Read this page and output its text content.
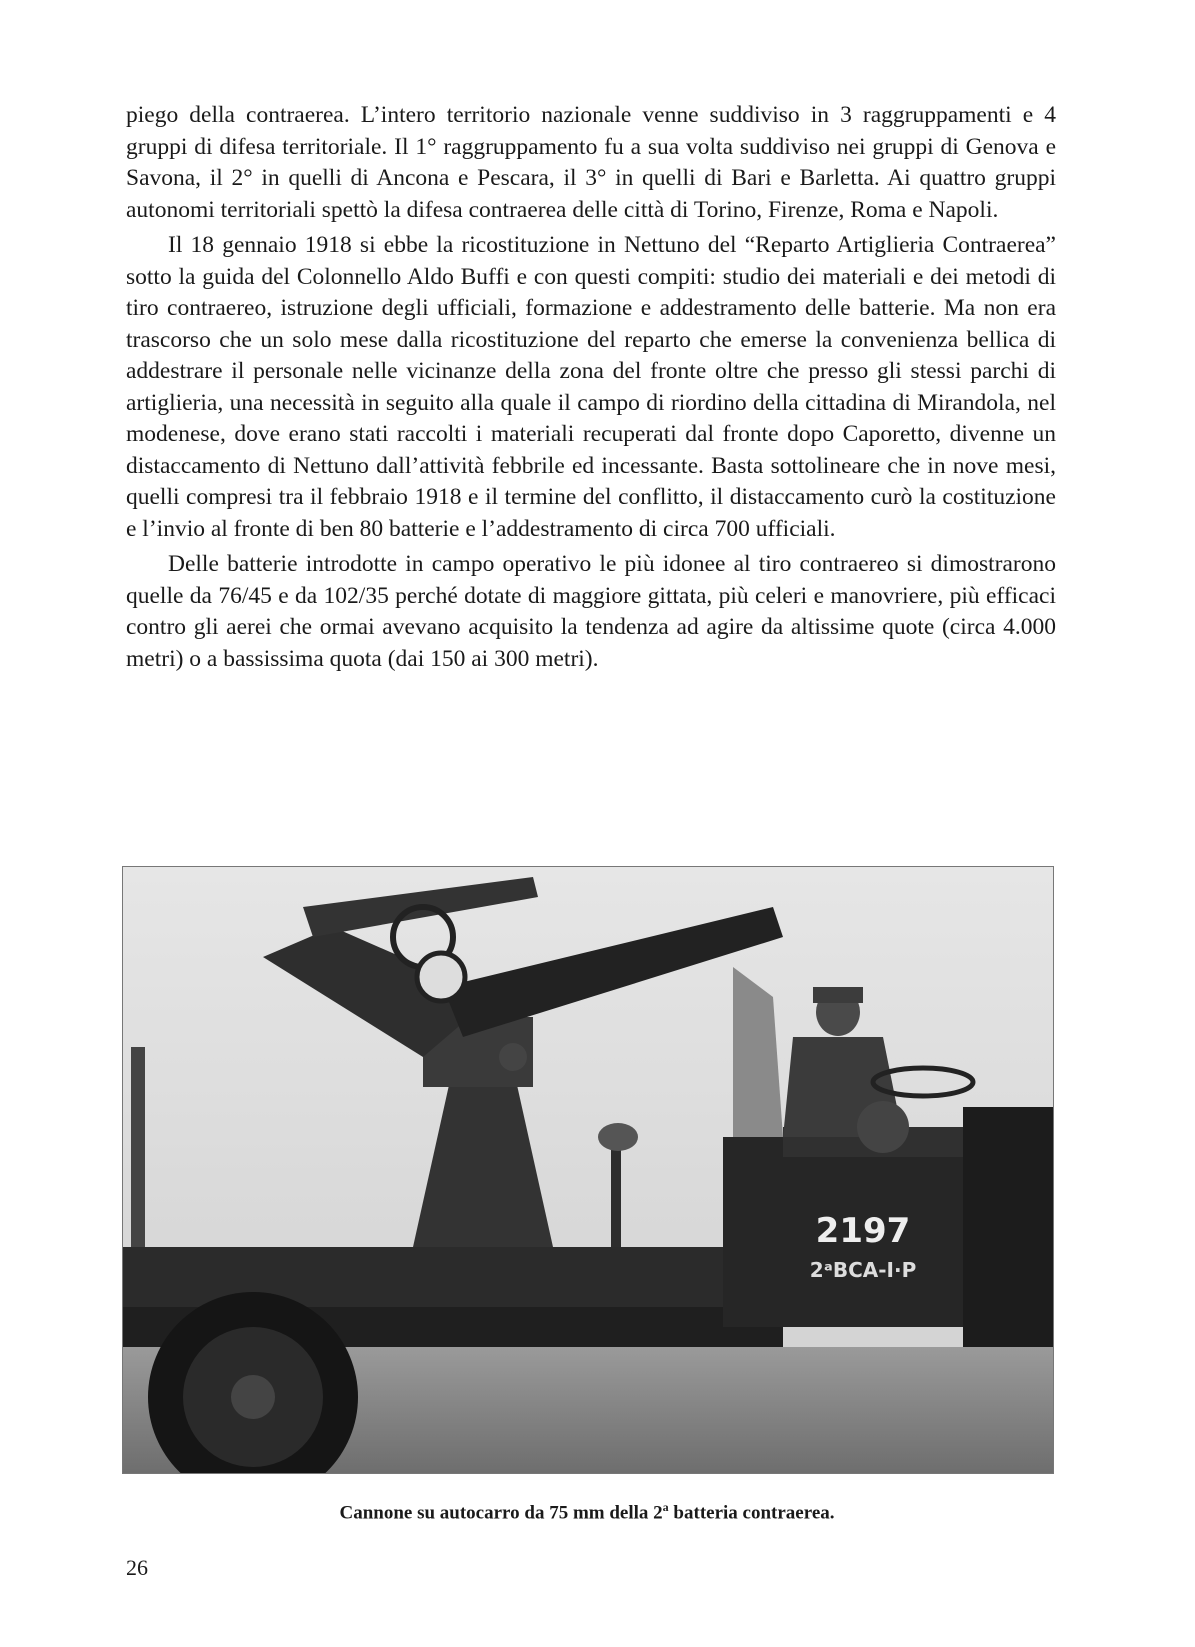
piego della contraerea. L’intero territorio nazionale venne suddiviso in 3 raggruppamenti e 4 gruppi di difesa territoriale. Il 1° raggruppamento fu a sua volta suddiviso nei gruppi di Genova e Savona, il 2° in quelli di Ancona e Pescara, il 3° in quelli di Bari e Barletta. Ai quattro gruppi autonomi territoriali spettò la difesa contraerea delle città di Torino, Firenze, Roma e Napoli.

Il 18 gennaio 1918 si ebbe la ricostituzione in Nettuno del “Reparto Artiglieria Contraerea” sotto la guida del Colonnello Aldo Buffi e con questi compiti: studio dei materiali e dei metodi di tiro contraereo, istruzione degli ufficiali, formazione e addestramento delle batterie. Ma non era trascorso che un solo mese dalla ricostituzione del reparto che emerse la convenienza bellica di addestrare il personale nelle vicinanze della zona del fronte oltre che presso gli stessi parchi di artiglieria, una necessità in seguito alla quale il campo di riordino della cittadina di Mirandola, nel modenese, dove erano stati raccolti i materiali recuperati dal fronte dopo Caporetto, divenne un distaccamento di Nettuno dall’attività febbrile ed incessante. Basta sottolineare che in nove mesi, quelli compresi tra il febbraio 1918 e il termine del conflitto, il distaccamento curò la costituzione e l’invio al fronte di ben 80 batterie e l’addestramento di circa 700 ufficiali.

Delle batterie introdotte in campo operativo le più idonee al tiro contraereo si dimostrarono quelle da 76/45 e da 102/35 perché dotate di maggiore gittata, più celeri e manovriere, più efficaci contro gli aerei che ormai avevano acquisito la tendenza ad agire da altissime quote (circa 4.000 metri) o a bassissima quota (dai 150 ai 300 metri).

2197
2ᵃBCA-I·P
Cannone su autocarro da 75 mm della 2$^a$ batteria contraerea.
26
